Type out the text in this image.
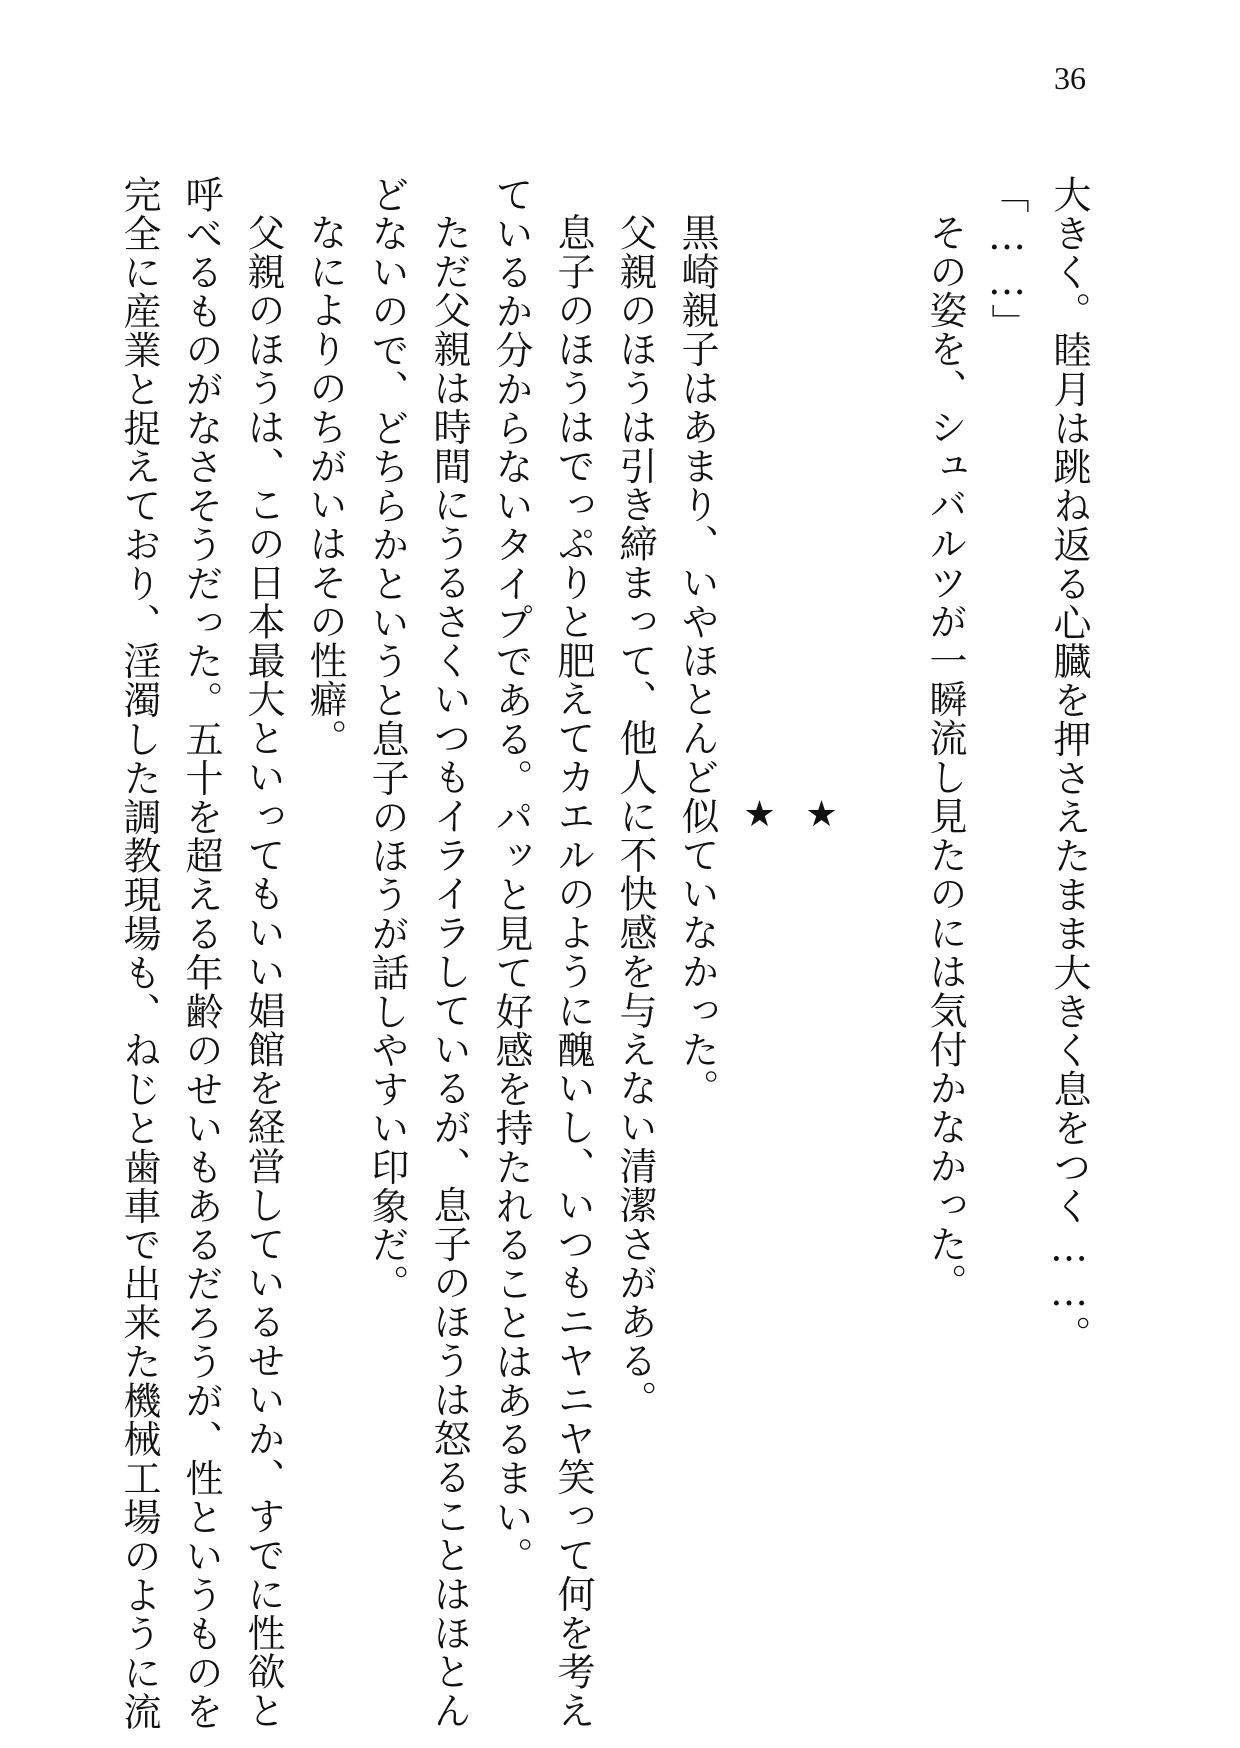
36
大きく。睦月は跳ね返る心臓を押さえたまま大きく息をつく……。
「……」
その姿を、シュバルツが一瞬流し見たのには気付かなかった。
★
★
黒崎親子はあまり、いやほとんど似ていなかった。
父親のほうは引き締まって、他人に不快感を与えない清潔さがある。
息子のほうはでっぷりと肥えてカエルのように醜いし、いつもニヤニヤ笑って何を考え
ているか分からないタイプである。パッと見て好感を持たれることはあるまい。
ただ父親は時間にうるさくいつもイライラしているが、息子のほうは怒ることはほとん
どないので、どちらかというと息子のほうが話しやすい印象だ。
なによりのちがいはその性癖。
父親のほうは、この日本最大といってもいい娼館を経営しているせいか、すでに性欲と
呼べるものがなさそうだった。五十を超える年齢のせいもあるだろうが、性というものを
完全に産業と捉えており、淫濁した調教現場も、ねじと歯車で出来た機械工場のように流
